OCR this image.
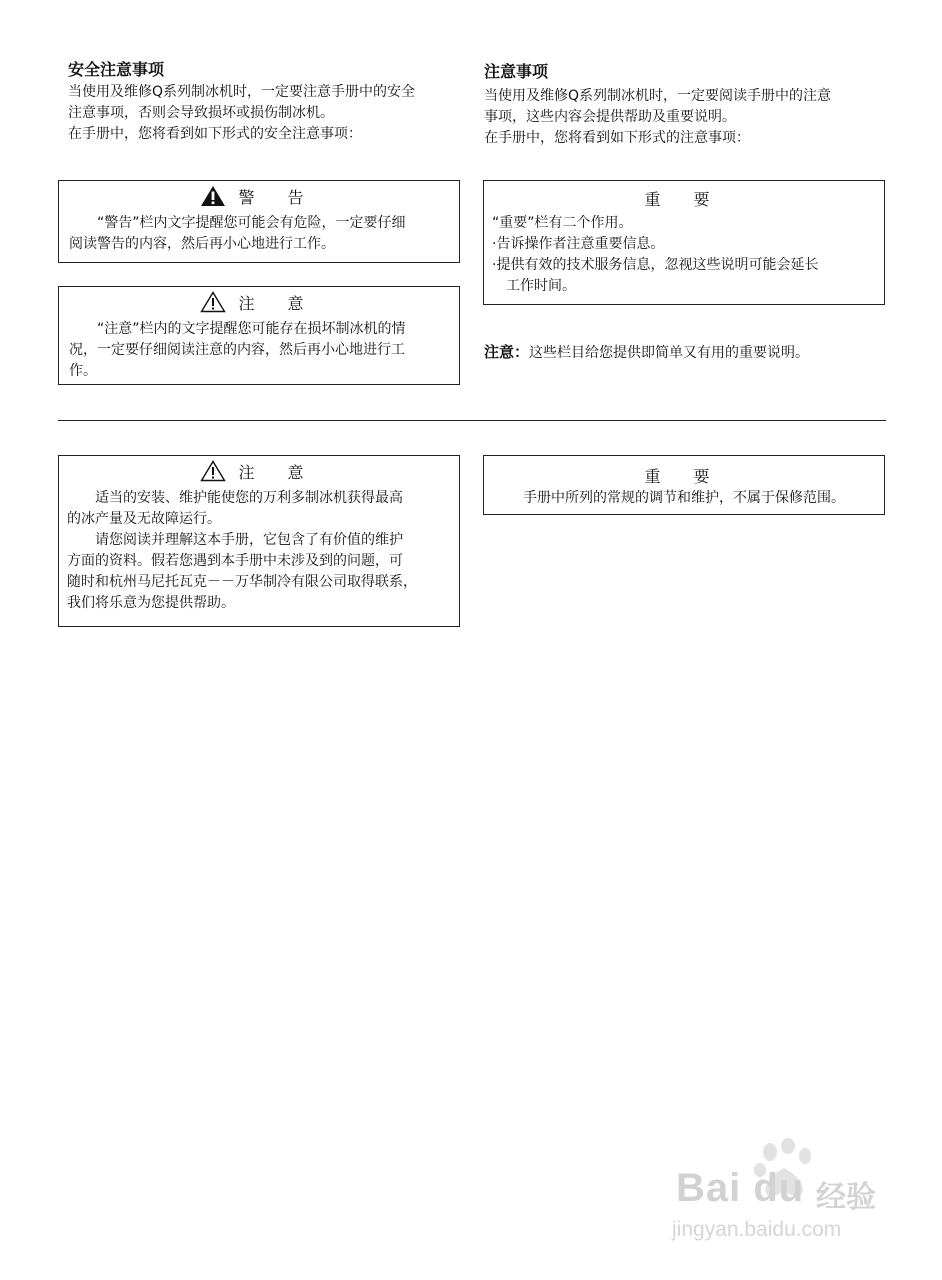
安全注意事项
当使用及维修Q系列制冰机时，一定要注意手册中的安全
注意事项，否则会导致损坏或损伤制冰机。
在手册中，您将看到如下形式的安全注意事项：
警 告
“警告”栏内文字提醒您可能会有危险，一定要仔细
阅读警告的内容，然后再小心地进行工作。
注 意
“注意”栏内的文字提醒您可能存在损坏制冰机的情
况，一定要仔细阅读注意的内容，然后再小心地进行工
作。
注意事项
当使用及维修Q系列制冰机时，一定要阅读手册中的注意
事项，这些内容会提供帮助及重要说明。
在手册中，您将看到如下形式的注意事项：
重 要
“重要”栏有二个作用。
·告诉操作者注意重要信息。
·提供有效的技术服务信息，忽视这些说明可能会延长
工作时间。
注意：这些栏目给您提供即简单又有用的重要说明。
注 意
适当的安装、维护能使您的万利多制冰机获得最高
的冰产量及无故障运行。
请您阅读并理解这本手册，它包含了有价值的维护
方面的资料。假若您遇到本手册中未涉及到的问题，可
随时和杭州马尼托瓦克－－万华制冷有限公司取得联系，
我们将乐意为您提供帮助。
重 要
手册中所列的常规的调节和维护，不属于保修范围。
Bai du 经验
jingyan.baidu.com
